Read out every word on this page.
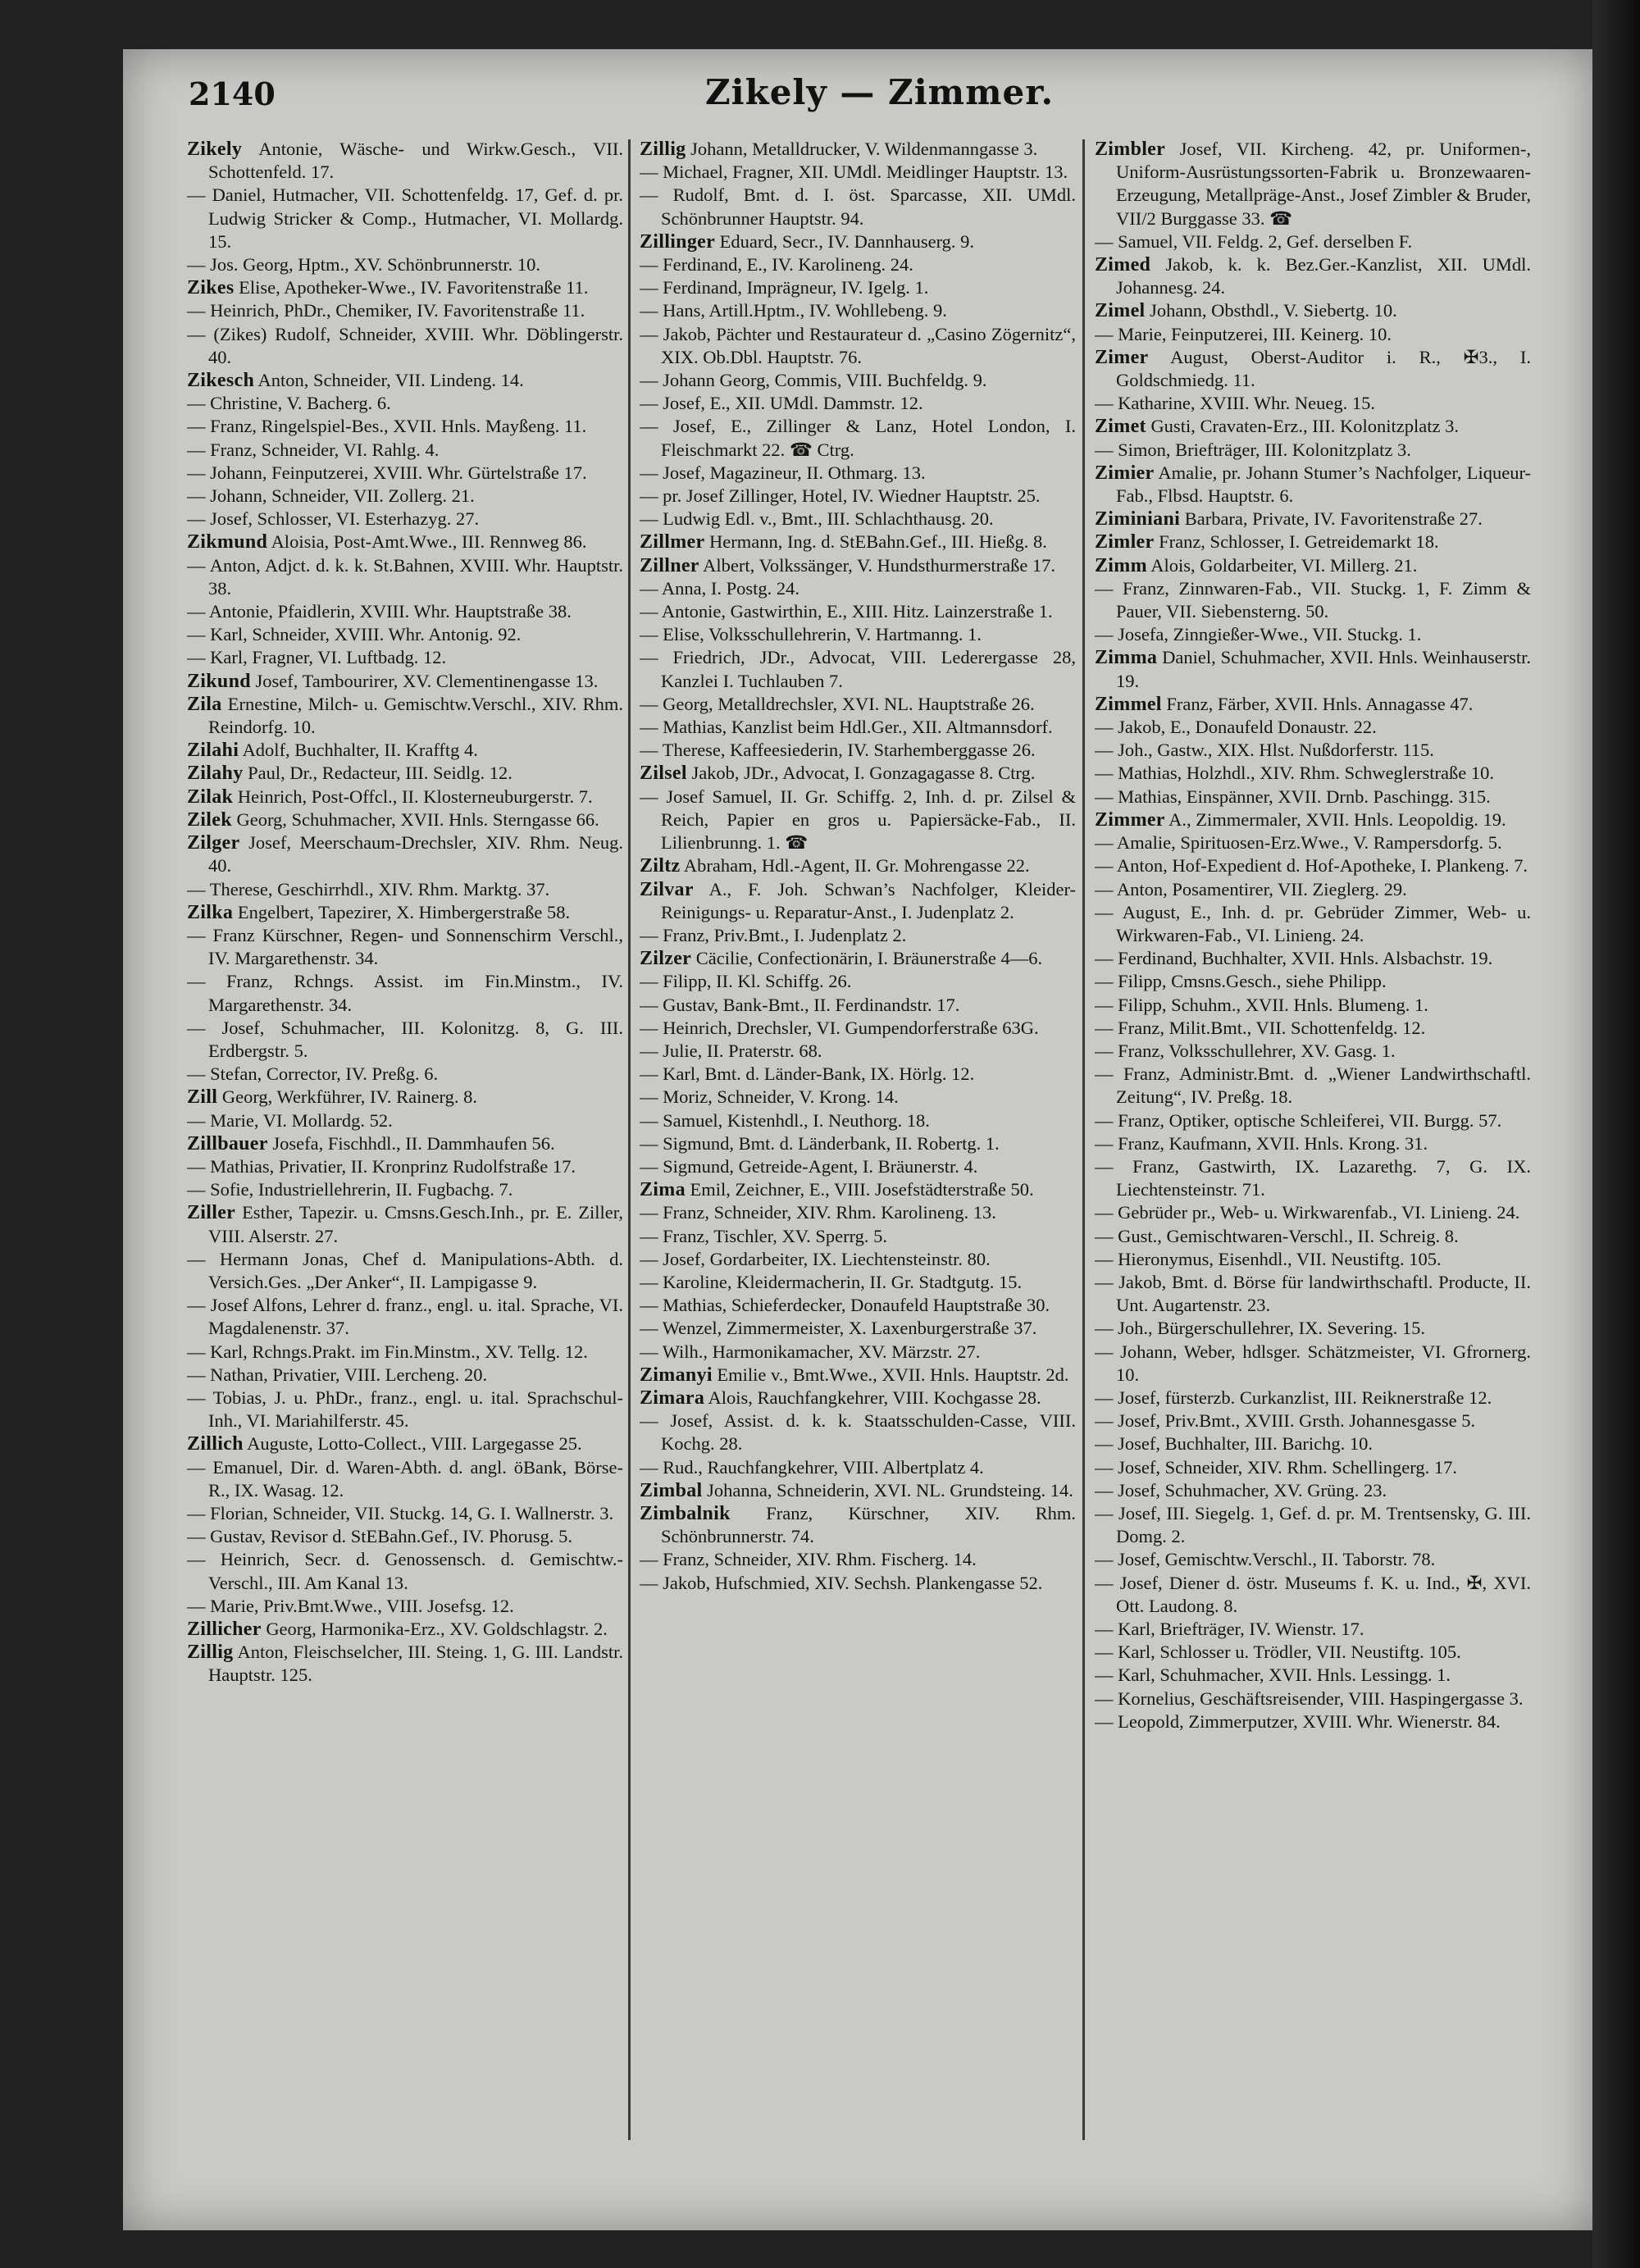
2140	Zikely — Zimmer.

Zikely Antonie, Wäsche- und Wirkw.Gesch., VII. Schottenfeld. 17.

— Daniel, Hutmacher, VII. Schottenfeldg. 17, Gef. d. pr. Ludwig Stricker & Comp., Hutmacher, VI. Mollardg. 15.

— Jos. Georg, Hptm., XV. Schönbrunnerstr. 10.

Zikes Elise, Apotheker-Wwe., IV. Favoritenstraße 11.

— Heinrich, PhDr., Chemiker, IV. Favoritenstraße 11.

— (Zikes) Rudolf, Schneider, XVIII. Whr. Döblingerstr. 40.

Zikesch Anton, Schneider, VII. Lindeng. 14.

— Christine, V. Bacherg. 6.

— Franz, Ringelspiel-Bes., XVII. Hnls. Mayßeng. 11.

— Franz, Schneider, VI. Rahlg. 4.

— Johann, Feinputzerei, XVIII. Whr. Gürtelstraße 17.

— Johann, Schneider, VII. Zollerg. 21.

— Josef, Schlosser, VI. Esterhazyg. 27.

Zikmund Aloisia, Post-Amt.Wwe., III. Rennweg 86.

— Anton, Adjct. d. k. k. St.Bahnen, XVIII. Whr. Hauptstr. 38.

— Antonie, Pfaidlerin, XVIII. Whr. Hauptstraße 38.

— Karl, Schneider, XVIII. Whr. Antonig. 92.

— Karl, Fragner, VI. Luftbadg. 12.

Zikund Josef, Tambourirer, XV. Clementinengasse 13.

Zila Ernestine, Milch- u. Gemischtw.Verschl., XIV. Rhm. Reindorfg. 10.

Zilahi Adolf, Buchhalter, II. Krafftg 4.

Zilahy Paul, Dr., Redacteur, III. Seidlg. 12.

Zilak Heinrich, Post-Offcl., II. Klosterneuburgerstr. 7.

Zilek Georg, Schuhmacher, XVII. Hnls. Sterngasse 66.

Zilger Josef, Meerschaum-Drechsler, XIV. Rhm. Neug. 40.

— Therese, Geschirrhdl., XIV. Rhm. Marktg. 37.

Zilka Engelbert, Tapezirer, X. Himbergerstraße 58.

— Franz Kürschner, Regen- und Sonnenschirm Verschl., IV. Margarethenstr. 34.

— Franz, Rchngs. Assist. im Fin.Minstm., IV. Margarethenstr. 34.

— Josef, Schuhmacher, III. Kolonitzg. 8, G. III. Erdbergstr. 5.

— Stefan, Corrector, IV. Preßg. 6.

Zill Georg, Werkführer, IV. Rainerg. 8.

— Marie, VI. Mollardg. 52.

Zillbauer Josefa, Fischhdl., II. Dammhaufen 56.

— Mathias, Privatier, II. Kronprinz Rudolfstraße 17.

— Sofie, Industriellehrerin, II. Fugbachg. 7.

Ziller Esther, Tapezir. u. Cmsns.Gesch.Inh., pr. E. Ziller, VIII. Alserstr. 27.

— Hermann Jonas, Chef d. Manipulations-Abth. d. Versich.Ges. „Der Anker“, II. Lampigasse 9.

— Josef Alfons, Lehrer d. franz., engl. u. ital. Sprache, VI. Magdalenenstr. 37.

— Karl, Rchngs.Prakt. im Fin.Minstm., XV. Tellg. 12.

— Nathan, Privatier, VIII. Lercheng. 20.

— Tobias, J. u. PhDr., franz., engl. u. ital. Sprachschul-Inh., VI. Mariahilferstr. 45.

Zillich Auguste, Lotto-Collect., VIII. Largegasse 25.

— Emanuel, Dir. d. Waren-Abth. d. angl. öBank, Börse-R., IX. Wasag. 12.

— Florian, Schneider, VII. Stuckg. 14, G. I. Wallnerstr. 3.

— Gustav, Revisor d. StEBahn.Gef., IV. Phorusg. 5.

— Heinrich, Secr. d. Genossensch. d. Gemischtw.-Verschl., III. Am Kanal 13.

— Marie, Priv.Bmt.Wwe., VIII. Josefsg. 12.

Zillicher Georg, Harmonika-Erz., XV. Goldschlagstr. 2.

Zillig Anton, Fleischselcher, III. Steing. 1, G. III. Landstr. Hauptstr. 125.

Zillig Johann, Metalldrucker, V. Wildenmanngasse 3.

— Michael, Fragner, XII. UMdl. Meidlinger Hauptstr. 13.

— Rudolf, Bmt. d. I. öst. Sparcasse, XII. UMdl. Schönbrunner Hauptstr. 94.

Zillinger Eduard, Secr., IV. Dannhauserg. 9.

— Ferdinand, E., IV. Karolineng. 24.

— Ferdinand, Imprägneur, IV. Igelg. 1.

— Hans, Artill.Hptm., IV. Wohllebeng. 9.

— Jakob, Pächter und Restaurateur d. „Casino Zögernitz“, XIX. Ob.Dbl. Hauptstr. 76.

— Johann Georg, Commis, VIII. Buchfeldg. 9.

— Josef, E., XII. UMdl. Dammstr. 12.

— Josef, E., Zillinger & Lanz, Hotel London, I. Fleischmarkt 22. ☎ Ctrg.

— Josef, Magazineur, II. Othmarg. 13.

— pr. Josef Zillinger, Hotel, IV. Wiedner Hauptstr. 25.

— Ludwig Edl. v., Bmt., III. Schlachthausg. 20.

Zillmer Hermann, Ing. d. StEBahn.Gef., III. Hießg. 8.

Zillner Albert, Volkssänger, V. Hundsthurmerstraße 17.

— Anna, I. Postg. 24.

— Antonie, Gastwirthin, E., XIII. Hitz. Lainzerstraße 1.

— Elise, Volksschullehrerin, V. Hartmanng. 1.

— Friedrich, JDr., Advocat, VIII. Lederergasse 28, Kanzlei I. Tuchlauben 7.

— Georg, Metalldrechsler, XVI. NL. Hauptstraße 26.

— Mathias, Kanzlist beim Hdl.Ger., XII. Altmannsdorf.

— Therese, Kaffeesiederin, IV. Starhemberggasse 26.

Zilsel Jakob, JDr., Advocat, I. Gonzagagasse 8. Ctrg.

— Josef Samuel, II. Gr. Schiffg. 2, Inh. d. pr. Zilsel & Reich, Papier en gros u. Papiersäcke-Fab., II. Lilienbrunng. 1. ☎

Ziltz Abraham, Hdl.-Agent, II. Gr. Mohrengasse 22.

Zilvar A., F. Joh. Schwan’s Nachfolger, Kleider-Reinigungs- u. Reparatur-Anst., I. Judenplatz 2.

— Franz, Priv.Bmt., I. Judenplatz 2.

Zilzer Cäcilie, Confectionärin, I. Bräunerstraße 4—6.

— Filipp, II. Kl. Schiffg. 26.

— Gustav, Bank-Bmt., II. Ferdinandstr. 17.

— Heinrich, Drechsler, VI. Gumpendorferstraße 63G.

— Julie, II. Praterstr. 68.

— Karl, Bmt. d. Länder-Bank, IX. Hörlg. 12.

— Moriz, Schneider, V. Krong. 14.

— Samuel, Kistenhdl., I. Neuthorg. 18.

— Sigmund, Bmt. d. Länderbank, II. Robertg. 1.

— Sigmund, Getreide-Agent, I. Bräunerstr. 4.

Zima Emil, Zeichner, E., VIII. Josefstädterstraße 50.

— Franz, Schneider, XIV. Rhm. Karolineng. 13.

— Franz, Tischler, XV. Sperrg. 5.

— Josef, Gordarbeiter, IX. Liechtensteinstr. 80.

— Karoline, Kleidermacherin, II. Gr. Stadtgutg. 15.

— Mathias, Schieferdecker, Donaufeld Hauptstraße 30.

— Wenzel, Zimmermeister, X. Laxenburgerstraße 37.

— Wilh., Harmonikamacher, XV. Märzstr. 27.

Zimanyi Emilie v., Bmt.Wwe., XVII. Hnls. Hauptstr. 2d.

Zimara Alois, Rauchfangkehrer, VIII. Kochgasse 28.

— Josef, Assist. d. k. k. Staatsschulden-Casse, VIII. Kochg. 28.

— Rud., Rauchfangkehrer, VIII. Albertplatz 4.

Zimbal Johanna, Schneiderin, XVI. NL. Grundsteing. 14.

Zimbalnik Franz, Kürschner, XIV. Rhm. Schönbrunnerstr. 74.

— Franz, Schneider, XIV. Rhm. Fischerg. 14.

— Jakob, Hufschmied, XIV. Sechsh. Plankengasse 52.

Zimbler Josef, VII. Kircheng. 42, pr. Uniformen-, Uniform-Ausrüstungssorten-Fabrik u. Bronzewaaren-Erzeugung, Metallpräge-Anst., Josef Zimbler & Bruder, VII/2 Burggasse 33. ☎

— Samuel, VII. Feldg. 2, Gef. derselben F.

Zimed Jakob, k. k. Bez.Ger.-Kanzlist, XII. UMdl. Johannesg. 24.

Zimel Johann, Obsthdl., V. Siebertg. 10.

— Marie, Feinputzerei, III. Keinerg. 10.

Zimer August, Oberst-Auditor i. R., ✠3., I. Goldschmiedg. 11.

— Katharine, XVIII. Whr. Neueg. 15.

Zimet Gusti, Cravaten-Erz., III. Kolonitzplatz 3.

— Simon, Briefträger, III. Kolonitzplatz 3.

Zimier Amalie, pr. Johann Stumer’s Nachfolger, Liqueur-Fab., Flbsd. Hauptstr. 6.

Ziminiani Barbara, Private, IV. Favoritenstraße 27.

Zimler Franz, Schlosser, I. Getreidemarkt 18.

Zimm Alois, Goldarbeiter, VI. Millerg. 21.

— Franz, Zinnwaren-Fab., VII. Stuckg. 1, F. Zimm & Pauer, VII. Siebensterng. 50.

— Josefa, Zinngießer-Wwe., VII. Stuckg. 1.

Zimma Daniel, Schuhmacher, XVII. Hnls. Weinhauserstr. 19.

Zimmel Franz, Färber, XVII. Hnls. Annagasse 47.

— Jakob, E., Donaufeld Donaustr. 22.

— Joh., Gastw., XIX. Hlst. Nußdorferstr. 115.

— Mathias, Holzhdl., XIV. Rhm. Schweglerstraße 10.

— Mathias, Einspänner, XVII. Drnb. Paschingg. 315.

Zimmer A., Zimmermaler, XVII. Hnls. Leopoldig. 19.

— Amalie, Spirituosen-Erz.Wwe., V. Rampersdorfg. 5.

— Anton, Hof-Expedient d. Hof-Apotheke, I. Plankeng. 7.

— Anton, Posamentirer, VII. Zieglerg. 29.

— August, E., Inh. d. pr. Gebrüder Zimmer, Web- u. Wirkwaren-Fab., VI. Linieng. 24.

— Ferdinand, Buchhalter, XVII. Hnls. Alsbachstr. 19.

— Filipp, Cmsns.Gesch., siehe Philipp.

— Filipp, Schuhm., XVII. Hnls. Blumeng. 1.

— Franz, Milit.Bmt., VII. Schottenfeldg. 12.

— Franz, Volksschullehrer, XV. Gasg. 1.

— Franz, Administr.Bmt. d. „Wiener Landwirthschaftl. Zeitung“, IV. Preßg. 18.

— Franz, Optiker, optische Schleiferei, VII. Burgg. 57.

— Franz, Kaufmann, XVII. Hnls. Krong. 31.

— Franz, Gastwirth, IX. Lazarethg. 7, G. IX. Liechtensteinstr. 71.

— Gebrüder pr., Web- u. Wirkwarenfab., VI. Linieng. 24.

— Gust., Gemischtwaren-Verschl., II. Schreig. 8.

— Hieronymus, Eisenhdl., VII. Neustiftg. 105.

— Jakob, Bmt. d. Börse für landwirthschaftl. Producte, II. Unt. Augartenstr. 23.

— Joh., Bürgerschullehrer, IX. Severing. 15.

— Johann, Weber, hdlsger. Schätzmeister, VI. Gfrornerg. 10.

— Josef, fürsterzb. Curkanzlist, III. Reiknerstraße 12.

— Josef, Priv.Bmt., XVIII. Grsth. Johannesgasse 5.

— Josef, Buchhalter, III. Barichg. 10.

— Josef, Schneider, XIV. Rhm. Schellingerg. 17.

— Josef, Schuhmacher, XV. Grüng. 23.

— Josef, III. Siegelg. 1, Gef. d. pr. M. Trentsensky, G. III. Domg. 2.

— Josef, Gemischtw.Verschl., II. Taborstr. 78.

— Josef, Diener d. östr. Museums f. K. u. Ind., ✠, XVI. Ott. Laudong. 8.

— Karl, Briefträger, IV. Wienstr. 17.

— Karl, Schlosser u. Trödler, VII. Neustiftg. 105.

— Karl, Schuhmacher, XVII. Hnls. Lessingg. 1.

— Kornelius, Geschäftsreisender, VIII. Haspingergasse 3.

— Leopold, Zimmerputzer, XVIII. Whr. Wienerstr. 84.
